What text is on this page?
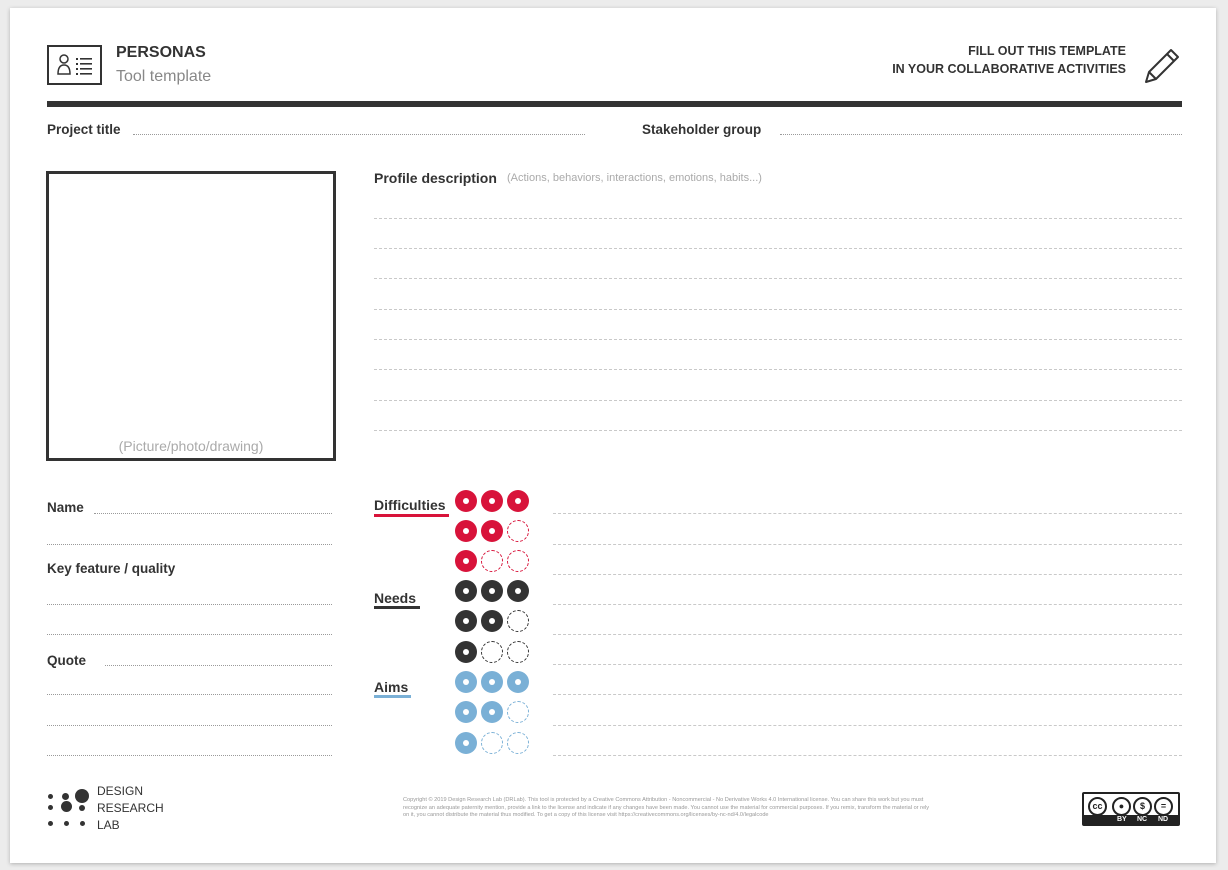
PERSONAS
Tool template
FILL OUT THIS TEMPLATE
IN YOUR COLLABORATIVE ACTIVITIES
Project title	Stakeholder group
(Picture/photo/drawing)
Profile description (Actions, behaviors, interactions, emotions, habits...)
Name
Key feature / quality
Quote
Difficulties
Needs
Aims
DESIGN
RESEARCH
LAB
Copyright © 2019 Design Research Lab (DRLab). This tool is protected by a Creative Commons Attribution - Noncommercial - No Derivative Works 4.0 International license. You can share this work but you must
recognize an adequate paternity mention, provide a link to the license and indicate if any changes have been made. You cannot use the material for commercial purposes. If you remix, transform the material or rely
on it, you cannot distribute the material thus modified. To get a copy of this license visit https://creativecommons.org/licenses/by-nc-nd/4.0/legalcode
cc	●	$	=
BY NC ND
